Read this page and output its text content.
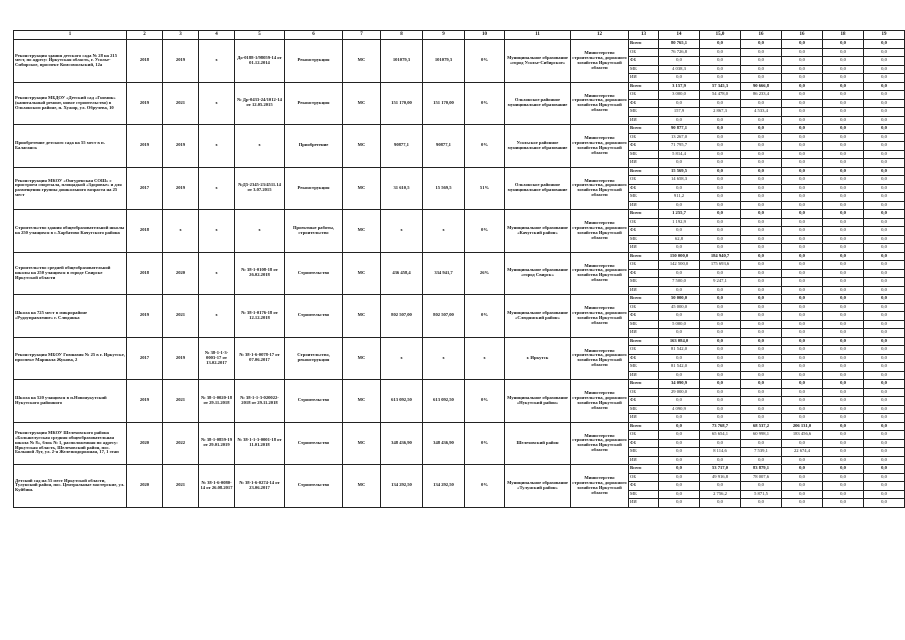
1	2	3	4	5	6	7	8	9	10	11	12	13	14	15,0	16	16	18	19
Реконструкция здания детского сада № 28 на 215 мест, по адресу: Иркутская область, г. Усолье-Сибирское, проспект Комсомольский, 12а	2018	2019	х	До-0188-1/98059-14 от 01.12.2014	Реконструкция	МС	101079,3	101079,3	0%	Муниципальное образование «город Усолье-Сибирское»	Министерство строительства, дорожного хозяйства Иркутской области	Всего	80 765,1	0,0	0,0	0,0	0,0	0,0
												ОБ	76 726,8	0,0	0,0	0,0	0,0	0,0
												ФБ	0,0	0,0	0,0	0,0	0,0	0,0
												МБ	4 038,3	0,0	0,0	0,0	0,0	0,0
												ИИ	0,0	0,0	0,0	0,0	0,0	0,0
Реконструкция МБДОУ «Детский сад «Гномик» (капитальный ремонт, новое строительство) в Ольхонском районе, п. Хужир, ул. Обручева, 10	2019	2021	х	№ Др-0433-24/1012-14 от 12.05.2015	Реконструкция	МС	151 170,00	151 170,00	0%	Ольхонское районное муниципальное образование	Министерство строительства, дорожного хозяйства Иркутской области	Всего	3 157,9	57 345,3	90 666,8	0,0	0,0	0,0
												ОБ	3 000,0	54 478,0	86 233,4	0,0	0,0	0,0
												ФБ	0,0	0,0	0,0	0,0	0,0	0,0
												МБ	157,9	2 867,3	4 533,4	0,0	0,0	0,0
												ИИ	0,0	0,0	0,0	0,0	0,0	0,0
Приобретение детского сада на 55 мест в п. Балаганск	2019	2019	х	х	Приобретение	МС	90877,1	90877,1	0%	Усольское районное муниципальное образование	Министерство строительства, дорожного хозяйства Иркутской области	Всего	90 877,1	0,0	0,0	0,0	0,0	0,0
												ОБ	13 267,0	0,0	0,0	0,0	0,0	0,0
												ФБ	71 795,7	0,0	0,0	0,0	0,0	0,0
												МБ	5 814,4	0,0	0,0	0,0	0,0	0,0
												ИИ	0,0	0,0	0,0	0,0	0,0	0,0
Реконструкция МКОУ «Онгуренская СОШ» с пристроем спортзала, площадкой «Здоровье» и для размещения группы дошкольного возраста на 25 мест	2017	2019	х	№Д5-2345-23/4511.14 от 3.07.2015	Реконструкция	МС	31 610,5	15 569,5	51%	Ольхонское районное муниципальное образование	Министерство строительства, дорожного хозяйства Иркутской области	Всего	15 569,5	0,0	0,0	0,0	0,0	0,0
												ОБ	14 658,3	0,0	0,0	0,0	0,0	0,0
												ФБ	0,0	0,0	0,0	0,0	0,0	0,0
												МБ	911,2	0,0	0,0	0,0	0,0	0,0
												ИИ	0,0	0,0	0,0	0,0	0,0	0,0
Строительство здания общеобразовательной школы на 250 учащихся в с.Харбатово Качугского района	2018	х	х	х	Проектные работы, строительство	МС	х	х	0%	Муниципальное образование «Качугский район»	Министерство строительства, дорожного хозяйства Иркутской области	Всего	1 255,7	0,0	0,0	0,0	0,0	0,0
												ОБ	1 192,9	0,0	0,0	0,0	0,0	0,0
												ФБ	0,0	0,0	0,0	0,0	0,0	0,0
												МБ	62,8	0,0	0,0	0,0	0,0	0,0
												ИИ	0,0	0,0	0,0	0,0	0,0	0,0
Строительство средней общеобразовательной школы на 250 учащихся в городе Свирске Иркутской области	2018	2020	х	№ 38-1-0108-18 от 26.02.2018	Строительство	МС	436 458,4	334 941,7	26%	Муниципальное образование «город Свирск»	Министерство строительства, дорожного хозяйства Иркутской области	Всего	150 000,0	184 940,7	0,0	0,0	0,0	0,0
												ОБ	142 500,0	175 693,6	0,0	0,0	0,0	0,0
												ФБ	0,0	0,0	0,0	0,0	0,0	0,0
												МБ	7 500,0	9 247,1	0,0	0,0	0,0	0,0
												ИИ	0,0	0,0	0,0	0,0	0,0	0,0
Школа на 725 мест в микрорайоне «Рудоуправление» г. Слюдянка	2019	2021	х	№ 38-1-0176-18 от 12.12.2018	Строительство	МС	802 507,00	802 507,00	0%	Муниципальное образование «Слюдянский район»	Министерство строительства, дорожного хозяйства Иркутской области	Всего	50 000,0	0,0	0,0	0,0	0,0	0,0
												ОБ	45 000,0	0,0	0,0	0,0	0,0	0,0
												ФБ	0,0	0,0	0,0	0,0	0,0	0,0
												МБ	5 000,0	0,0	0,0	0,0	0,0	0,0
												ИИ	0,0	0,0	0,0	0,0	0,0	0,0
Реконструкция МБОУ Гимназия № 25 в г. Иркутске, проспект Маршала Жукова, 2	2017	2019	№ 38-1-1-3-0003-17 от 13.02.2017	№ 38-1-6-0078-17 от 07.06.2017	Строительство, реконструкция	МС	х	х	х	г. Иркутск	Министерство строительства, дорожного хозяйства Иркутской области	Всего	163 084,0	0,0	0,0	0,0	0,0	0,0
												ОБ	81 542,0	0,0	0,0	0,0	0,0	0,0
												ФБ	0,0	0,0	0,0	0,0	0,0	0,0
												МБ	81 542,0	0,0	0,0	0,0	0,0	0,0
												ИИ	0,0	0,0	0,0	0,0	0,0	0,0
Школа на 520 учащихся в п.Новонукутский Нукутского районного	2019	2021	№ 38-1-0020-18 от 29.11.2018	№ 38-1-1-3-020022-2018 от 29.11.2018	Строительство	МС	613 092,50	613 092,50	0%	Муниципальное образование «Нукутский район»	Министерство строительства, дорожного хозяйства Иркутской области	Всего	34 090,9	0,0	0,0	0,0	0,0	0,0
												ОБ	29 000,0	0,0	0,0	0,0	0,0	0,0
												ФБ	0,0	0,0	0,0	0,0	0,0	0,0
												МБ	4 090,9	0,0	0,0	0,0	0,0	0,0
												ИИ	0,0	0,0	0,0	0,0	0,0	0,0
Реконструкция МКОУ Шелеховского района «Большелугская средняя общеобразовательная школа № 8», блок № 1, расположенная по адресу: Иркутская область, Шелеховский район, пос. Большой Луг, ул. 2-я Железнодорожная, 17, 1 этап	2020	2022	№ 38-1-0859-19 от 29.01.2019	№ 38-1-1-3-0001-18 от 11.01.2018	Строительство	МС	348 436,90	348 436,90	0%	Шелеховский район	Министерство строительства, дорожного хозяйства Иркутской области	Всего	0,0	73 768,7	68 537,2	206 131,0	0,0	0,0
												ОБ	0,0	65 654,1	60 998,1	183 456,6	0,0	0,0
												ФБ	0,0	0,0	0,0	0,0	0,0	0,0
												МБ	0,0	8 114,6	7 539,1	22 674,4	0,0	0,0
												ИИ	0,0	0,0	0,0	0,0	0,0	0,0
Детский сад на 55 мест Иркутской области, Тулунский район, пос. Центральные мастерские, ул. Куйбиш.	2020	2021	№ 38-1-6-0080-14 от 26.08.2017	№ 38-1-6-0274-14 от 23.06.2017	Строительство	МС	134 292,50	134 292,50	0%	Муниципальное образование «Тулунский район»	Министерство строительства, дорожного хозяйства Иркутской области	Всего	0,0	53 717,0	83 879,1	0,0	0,0	0,0
												ОБ	0,0	49 916,8	78 007,6	0,0	0,0	0,0
												ФБ	0,0	0,0	0,0	0,0	0,0	0,0
												МБ	0,0	2 756,2	5 871,5	0,0	0,0	0,0
												ИИ	0,0	0,0	0,0	0,0	0,0	0,0
